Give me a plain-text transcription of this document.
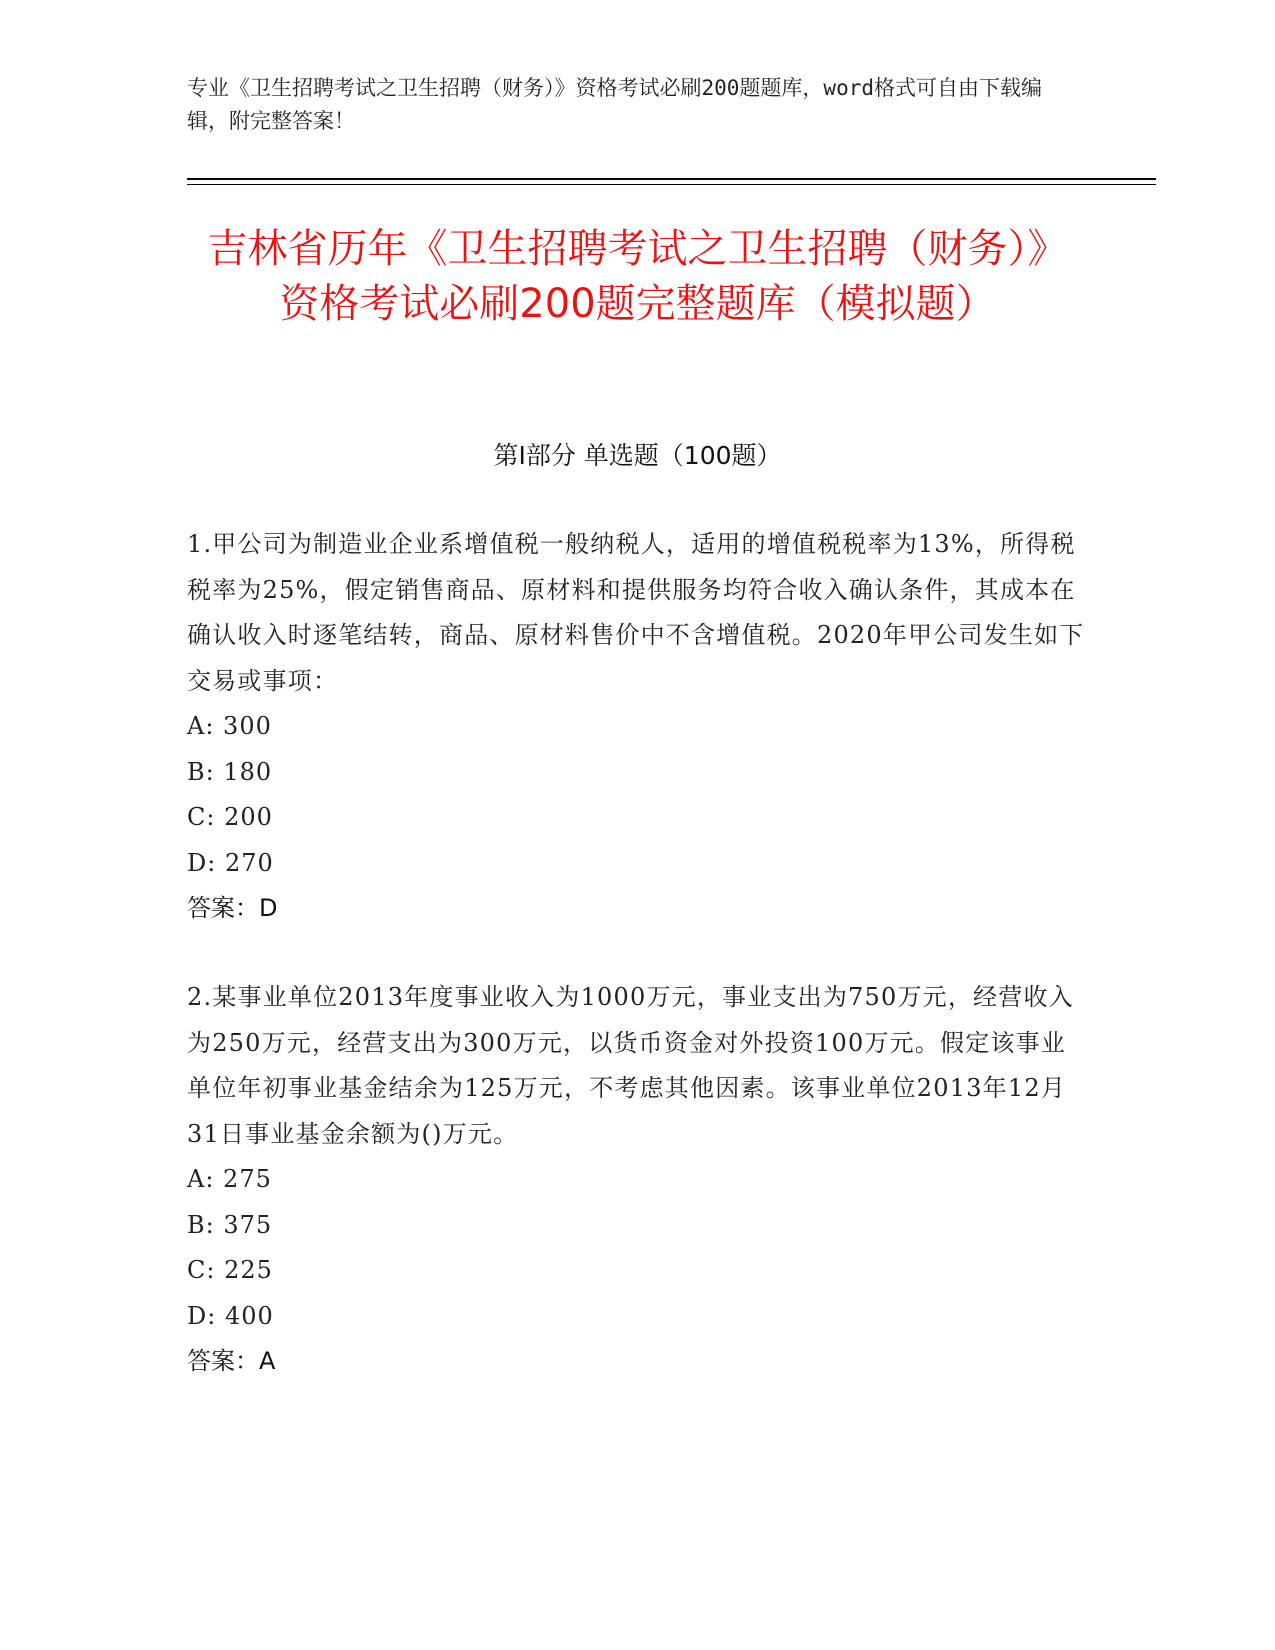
专业《卫生招聘考试之卫生招聘（财务）》资格考试必刷200题题库，word格式可自由下载编辑，附完整答案！
吉林省历年《卫生招聘考试之卫生招聘（财务）》资格考试必刷200题完整题库（模拟题）
第I部分 单选题（100题）
1.甲公司为制造业企业系增值税一般纳税人，适用的增值税税率为13%，所得税税率为25%，假定销售商品、原材料和提供服务均符合收入确认条件，其成本在确认收入时逐笔结转，商品、原材料售价中不含增值税。2020年甲公司发生如下交易或事项：
A: 300
B: 180
C: 200
D: 270
答案：D
2.某事业单位2013年度事业收入为1000万元，事业支出为750万元，经营收入为250万元，经营支出为300万元，以货币资金对外投资100万元。假定该事业单位年初事业基金结余为125万元，不考虑其他因素。该事业单位2013年12月31日事业基金余额为()万元。
A: 275
B: 375
C: 225
D: 400
答案：A
